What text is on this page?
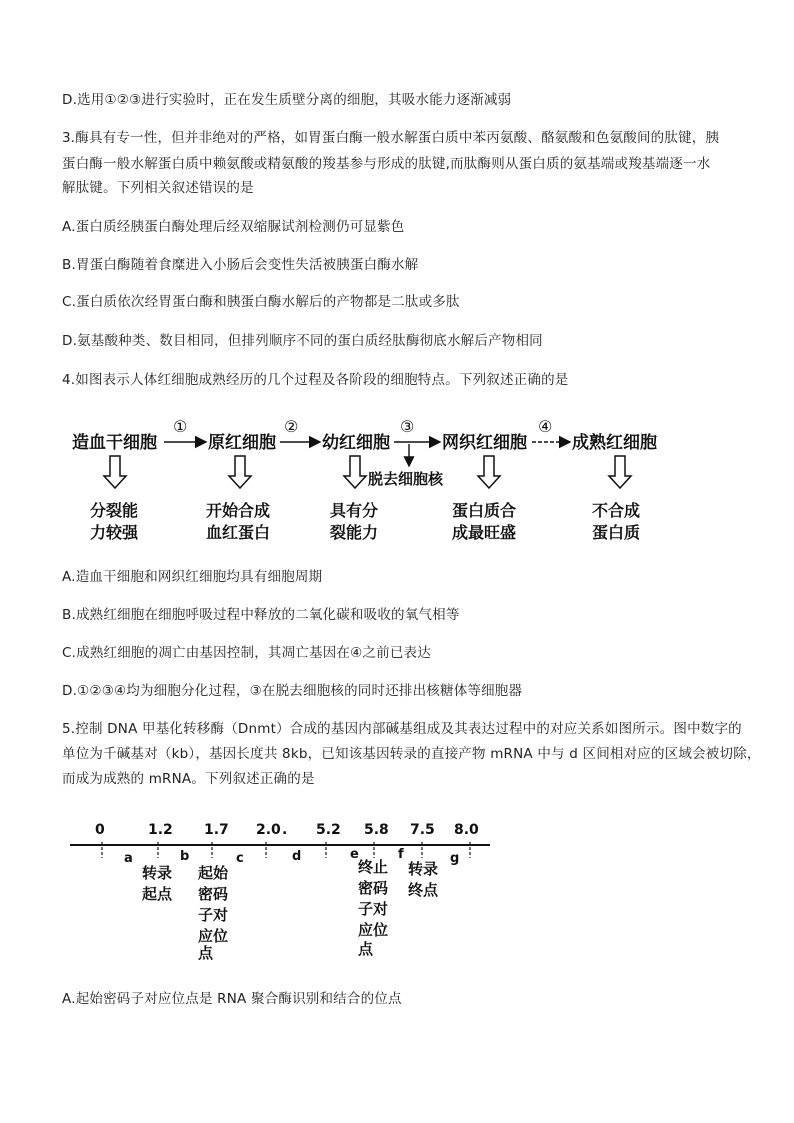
D.选用①②③进行实验时，正在发生质壁分离的细胞，其吸水能力逐渐减弱
3.酶具有专一性，但并非绝对的严格，如胃蛋白酶一般水解蛋白质中苯丙氨酸、酪氨酸和色氨酸间的肽键，胰
蛋白酶一般水解蛋白质中赖氨酸或精氨酸的羧基参与形成的肽键,而肽酶则从蛋白质的氨基端或羧基端逐一水
解肽键。下列相关叙述错误的是
A.蛋白质经胰蛋白酶处理后经双缩脲试剂检测仍可显紫色
B.胃蛋白酶随着食糜进入小肠后会变性失活被胰蛋白酶水解
C.蛋白质依次经胃蛋白酶和胰蛋白酶水解后的产物都是二肽或多肽
D.氨基酸种类、数目相同，但排列顺序不同的蛋白质经肽酶彻底水解后产物相同
4.如图表示人体红细胞成熟经历的几个过程及各阶段的细胞特点。下列叙述正确的是
造血干细胞	原红细胞	幼红细胞	网织红细胞	成熟红细胞
①	②	③	④
脱去细胞核
分裂能
力较强
开始合成
血红蛋白
具有分
裂能力
蛋白质合
成最旺盛
不合成
蛋白质
A.造血干细胞和网织红细胞均具有细胞周期
B.成熟红细胞在细胞呼吸过程中释放的二氧化碳和吸收的氧气相等
C.成熟红细胞的凋亡由基因控制，其凋亡基因在④之前已表达
D.①②③④均为细胞分化过程，③在脱去细胞核的同时还排出核糖体等细胞器
5.控制 DNA 甲基化转移酶（Dnmt）合成的基因内部碱基组成及其表达过程中的对应关系如图所示。图中数字的
单位为千碱基对（kb），基因长度共 8kb，已知该基因转录的直接产物 mRNA 中与 d 区间相对应的区域会被切除，
而成为成熟的 mRNA。下列叙述正确的是
0	1.2 1.7 2.0 . 5.2 5.8 7.5 8.0
a	b	c	d	e	f	g
转录
起点
起始
密码
子对
应位
点
终止
密码
子对
应位
点
转录
终点
A.起始密码子对应位点是 RNA 聚合酶识别和结合的位点
